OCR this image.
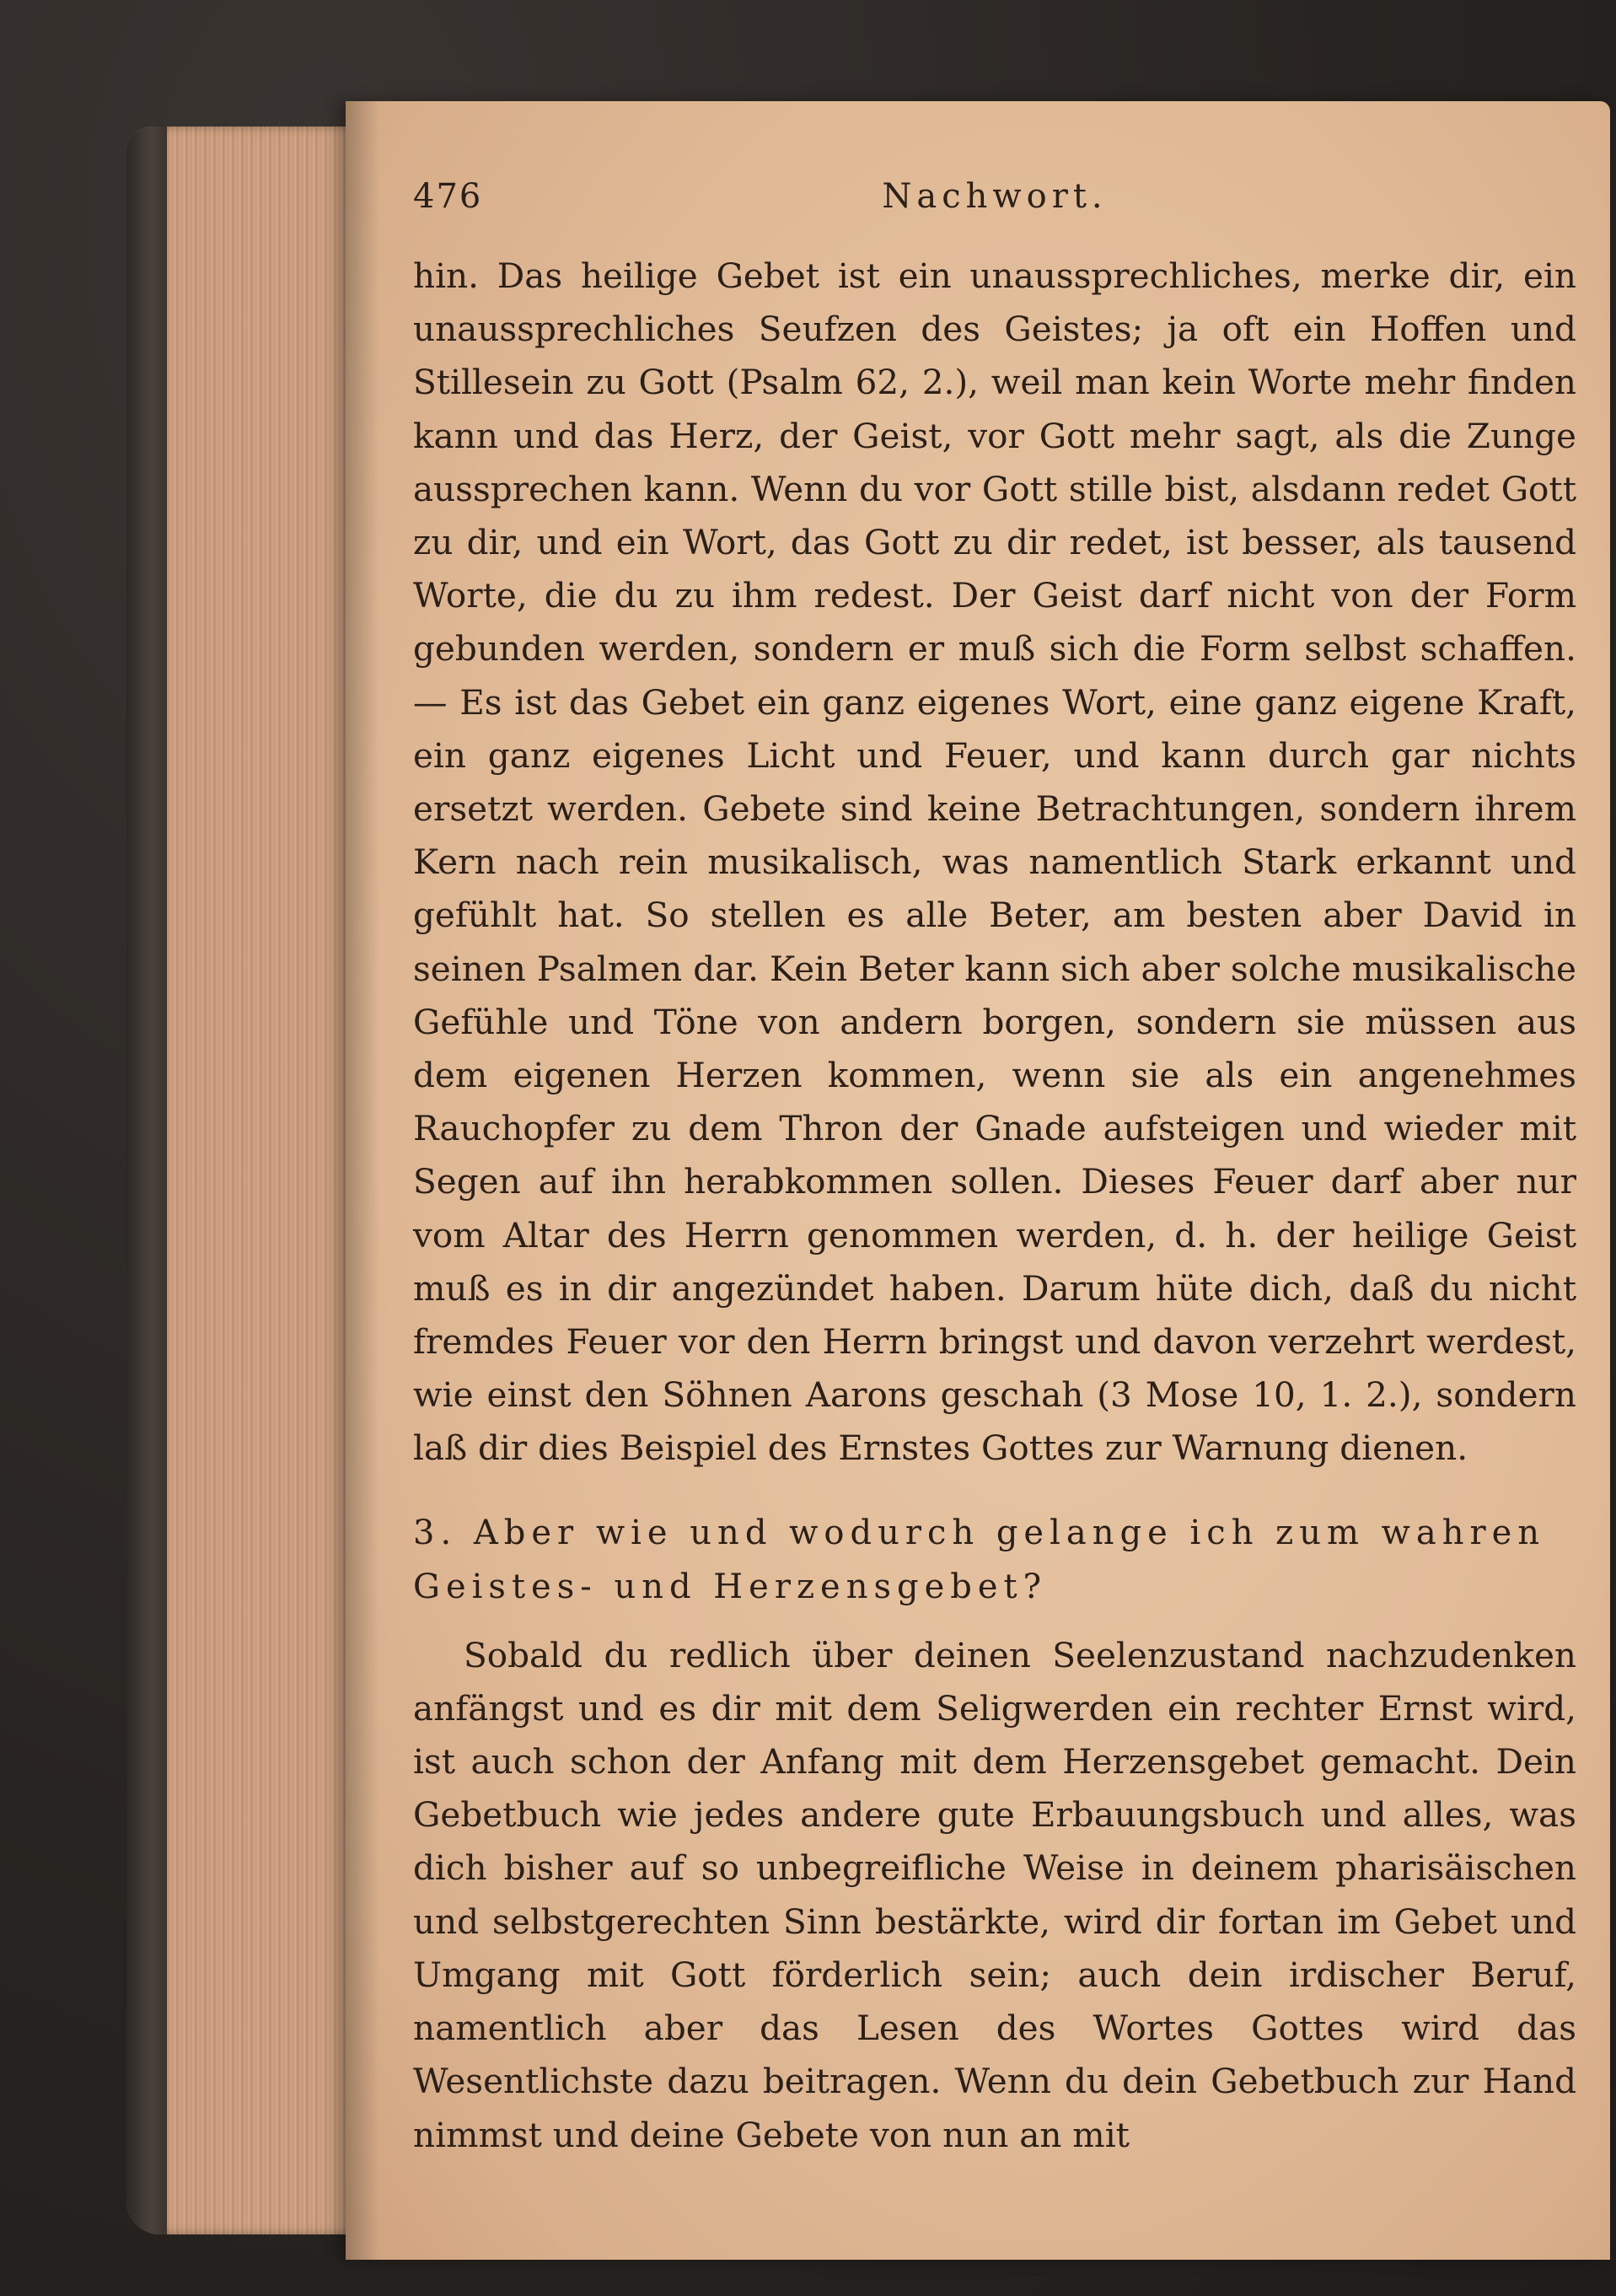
476	Nachwort.

hin. Das heilige Gebet ist ein unaussprechliches, merke dir, ein unaussprechliches Seufzen des Geistes; ja oft ein Hoffen und Stillesein zu Gott (Psalm 62, 2.), weil man kein Worte mehr finden kann und das Herz, der Geist, vor Gott mehr sagt, als die Zunge aussprechen kann. Wenn du vor Gott stille bist, alsdann redet Gott zu dir, und ein Wort, das Gott zu dir redet, ist besser, als tausend Worte, die du zu ihm redest. Der Geist darf nicht von der Form gebunden werden, sondern er muß sich die Form selbst schaffen. — Es ist das Gebet ein ganz eigenes Wort, eine ganz eigene Kraft, ein ganz eigenes Licht und Feuer, und kann durch gar nichts ersetzt werden. Gebete sind keine Betrachtungen, sondern ihrem Kern nach rein musikalisch, was namentlich Stark erkannt und gefühlt hat. So stellen es alle Beter, am besten aber David in seinen Psalmen dar. Kein Beter kann sich aber solche musikalische Gefühle und Töne von andern borgen, sondern sie müssen aus dem eigenen Herzen kommen, wenn sie als ein angenehmes Rauchopfer zu dem Thron der Gnade aufsteigen und wieder mit Segen auf ihn herabkommen sollen. Dieses Feuer darf aber nur vom Altar des Herrn genommen werden, d. h. der heilige Geist muß es in dir angezündet haben. Darum hüte dich, daß du nicht fremdes Feuer vor den Herrn bringst und davon verzehrt werdest, wie einst den Söhnen Aarons geschah (3 Mose 10, 1. 2.), sondern laß dir dies Beispiel des Ernstes Gottes zur Warnung dienen.

3. Aber wie und wodurch gelange ich zum wahren Geistes- und Herzensgebet?

Sobald du redlich über deinen Seelenzustand nachzudenken anfängst und es dir mit dem Seligwerden ein rechter Ernst wird, ist auch schon der Anfang mit dem Herzensgebet gemacht. Dein Gebetbuch wie jedes andere gute Erbauungsbuch und alles, was dich bisher auf so unbegreifliche Weise in deinem pharisäischen und selbstgerechten Sinn bestärkte, wird dir fortan im Gebet und Umgang mit Gott förderlich sein; auch dein irdischer Beruf, namentlich aber das Lesen des Wortes Gottes wird das Wesentlichste dazu beitragen. Wenn du dein Gebetbuch zur Hand nimmst und deine Gebete von nun an mit
